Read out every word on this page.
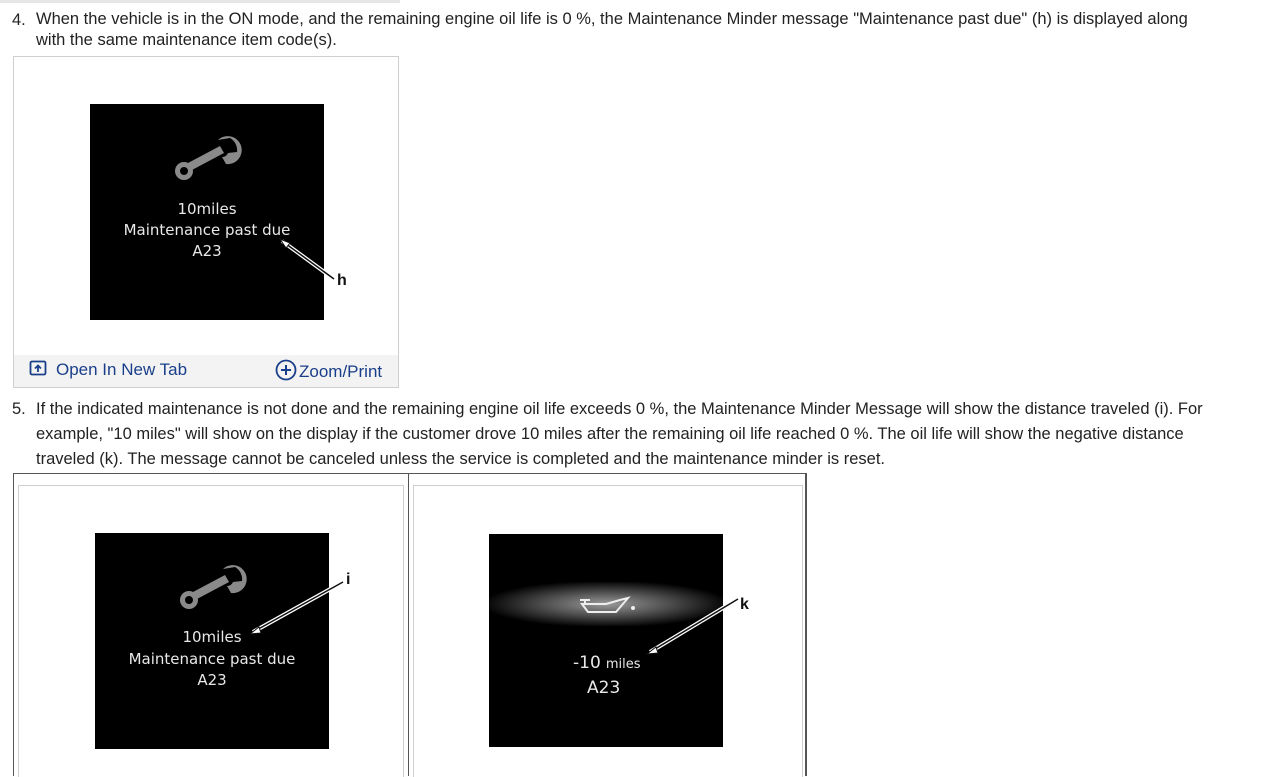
4. When the vehicle is in the ON mode, and the remaining engine oil life is 0 %, the Maintenance Minder message "Maintenance past due" (h) is displayed along
with the same maintenance item code(s).
10miles
Maintenance past due
A23
h
Open In New Tab	Zoom/Print
5. If the indicated maintenance is not done and the remaining engine oil life exceeds 0 %, the Maintenance Minder Message will show the distance traveled (i). For
example, "10 miles" will show on the display if the customer drove 10 miles after the remaining oil life reached 0 %. The oil life will show the negative distance
traveled (k). The message cannot be canceled unless the service is completed and the maintenance minder is reset.
10miles
Maintenance past due
A23
i
-10 miles
A23
k
